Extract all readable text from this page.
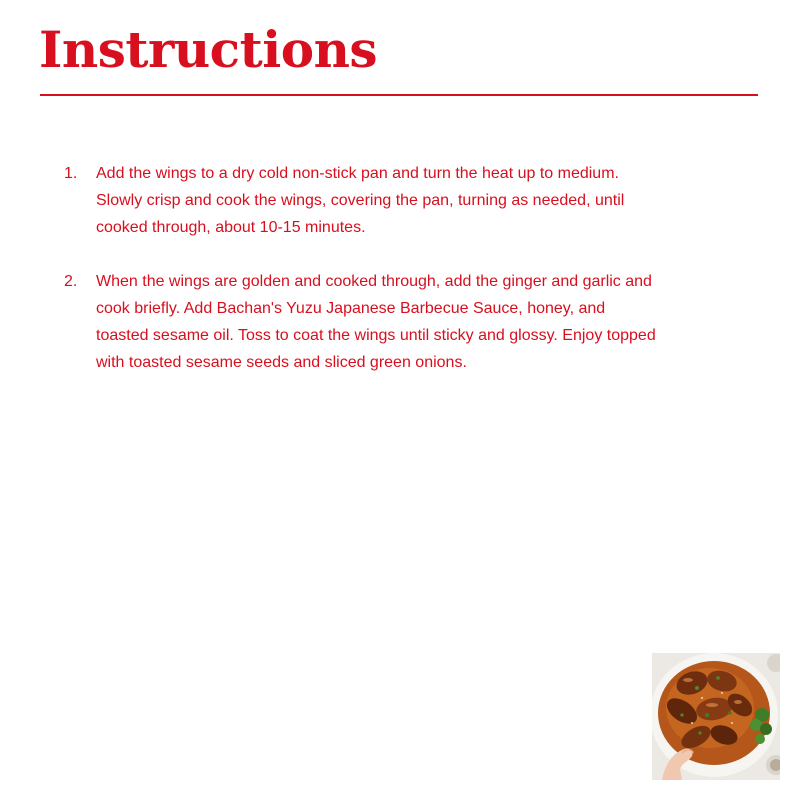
Instructions
1. Add the wings to a dry cold non-stick pan and turn the heat up to medium. Slowly crisp and cook the wings, covering the pan, turning as needed, until cooked through, about 10-15 minutes.
2. When the wings are golden and cooked through, add the ginger and garlic and cook briefly. Add Bachan's Yuzu Japanese Barbecue Sauce, honey, and toasted sesame oil. Toss to coat the wings until sticky and glossy. Enjoy topped with toasted sesame seeds and sliced green onions.
